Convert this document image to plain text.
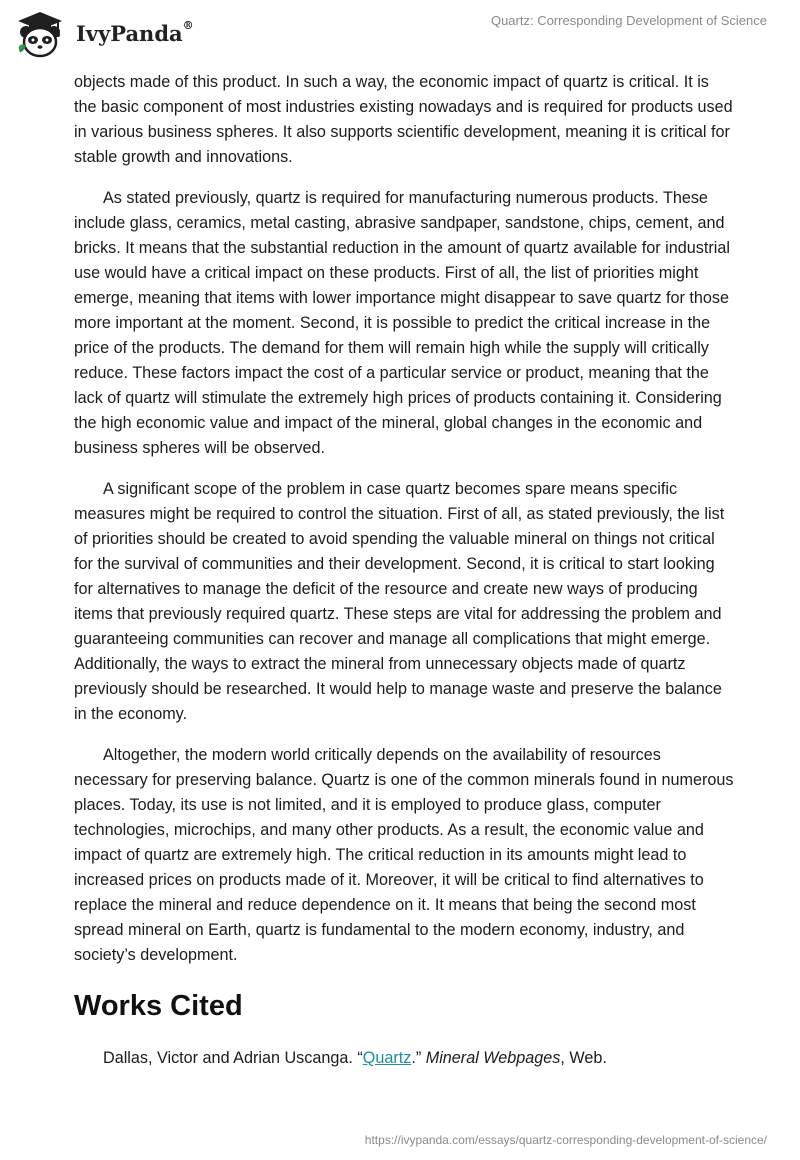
IvyPanda®	Quartz: Corresponding Development of Science

objects made of this product. In such a way, the economic impact of quartz is critical. It is the basic component of most industries existing nowadays and is required for products used in various business spheres. It also supports scientific development, meaning it is critical for stable growth and innovations.

As stated previously, quartz is required for manufacturing numerous products. These include glass, ceramics, metal casting, abrasive sandpaper, sandstone, chips, cement, and bricks. It means that the substantial reduction in the amount of quartz available for industrial use would have a critical impact on these products. First of all, the list of priorities might emerge, meaning that items with lower importance might disappear to save quartz for those more important at the moment. Second, it is possible to predict the critical increase in the price of the products. The demand for them will remain high while the supply will critically reduce. These factors impact the cost of a particular service or product, meaning that the lack of quartz will stimulate the extremely high prices of products containing it. Considering the high economic value and impact of the mineral, global changes in the economic and business spheres will be observed.

A significant scope of the problem in case quartz becomes spare means specific measures might be required to control the situation. First of all, as stated previously, the list of priorities should be created to avoid spending the valuable mineral on things not critical for the survival of communities and their development. Second, it is critical to start looking for alternatives to manage the deficit of the resource and create new ways of producing items that previously required quartz. These steps are vital for addressing the problem and guaranteeing communities can recover and manage all complications that might emerge. Additionally, the ways to extract the mineral from unnecessary objects made of quartz previously should be researched. It would help to manage waste and preserve the balance in the economy.

Altogether, the modern world critically depends on the availability of resources necessary for preserving balance. Quartz is one of the common minerals found in numerous places. Today, its use is not limited, and it is employed to produce glass, computer technologies, microchips, and many other products. As a result, the economic value and impact of quartz are extremely high. The critical reduction in its amounts might lead to increased prices on products made of it. Moreover, it will be critical to find alternatives to replace the mineral and reduce dependence on it. It means that being the second most spread mineral on Earth, quartz is fundamental to the modern economy, industry, and society’s development.

Works Cited
Dallas, Victor and Adrian Uscanga. “Quartz.” Mineral Webpages, Web.
https://ivypanda.com/essays/quartz-corresponding-development-of-science/
